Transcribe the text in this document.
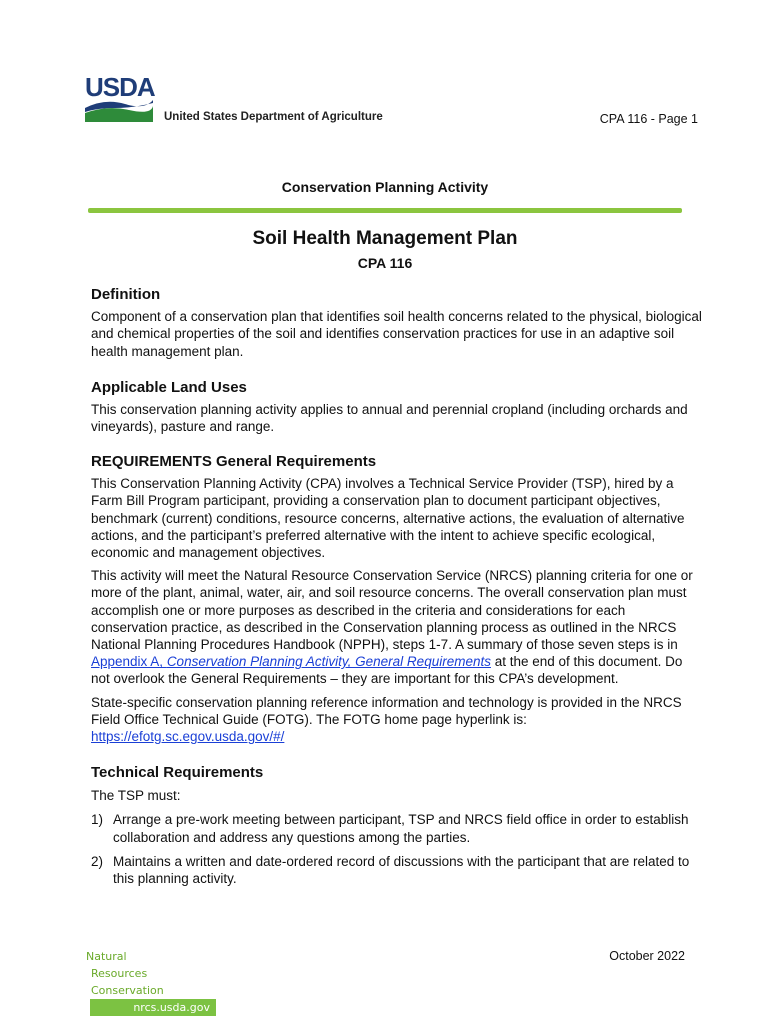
USDA
United States Department of Agriculture	CPA 116 - Page 1
Conservation Planning Activity
Soil Health Management Plan
CPA 116
Definition

Component of a conservation plan that identifies soil health concerns related to the physical, biological and chemical properties of the soil and identifies conservation practices for use in an adaptive soil health management plan.

Applicable Land Uses

This conservation planning activity applies to annual and perennial cropland (including orchards and vineyards), pasture and range.

REQUIREMENTS General Requirements

This Conservation Planning Activity (CPA) involves a Technical Service Provider (TSP), hired by a Farm Bill Program participant, providing a conservation plan to document participant objectives, benchmark (current) conditions, resource concerns, alternative actions, the evaluation of alternative actions, and the participant’s preferred alternative with the intent to achieve specific ecological, economic and management objectives.

This activity will meet the Natural Resource Conservation Service (NRCS) planning criteria for one or more of the plant, animal, water, air, and soil resource concerns. The overall conservation plan must accomplish one or more purposes as described in the criteria and considerations for each conservation practice, as described in the Conservation planning process as outlined in the NRCS National Planning Procedures Handbook (NPPH), steps 1-7. A summary of those seven steps is in Appendix A, Conservation Planning Activity, General Requirements at the end of this document. Do not overlook the General Requirements – they are important for this CPA’s development.

State-specific conservation planning reference information and technology is provided in the NRCS Field Office Technical Guide (FOTG). The FOTG home page hyperlink is:
https://efotg.sc.egov.usda.gov/#/

Technical Requirements

The TSP must:

1) Arrange a pre-work meeting between participant, TSP and NRCS field office in order to establish collaboration and address any questions among the parties.
2) Maintains a written and date-ordered record of discussions with the participant that are related to this planning activity.
October 2022
Natural
Resources
Conservation
nrcs.usda.gov
